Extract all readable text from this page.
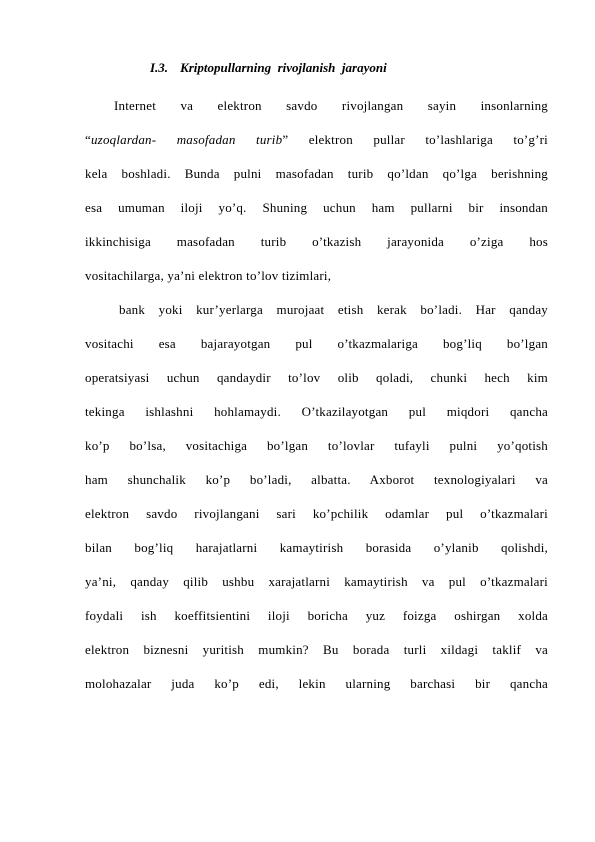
I.3. Kriptopullarning  rivojlanish  jarayoni
Internet va elektron savdo rivojlangan sayin insonlarning
“uzoqlardan- masofadan turib” elektron pullar to’lashlariga to’g’ri
kela boshladi. Bunda pulni masofadan turib qo’ldan qo’lga berishning
esa umuman iloji yo’q. Shuning uchun ham pullarni bir insondan
ikkinchisiga masofadan turib o’tkazish jarayonida o’ziga hos
vositachilarga, ya’ni elektron to’lov tizimlari,
bank yoki kur’yerlarga murojaat etish kerak bo’ladi. Har qanday
vositachi esa bajarayotgan pul o’tkazmalariga bog’liq bo’lgan
operatsiyasi uchun qandaydir to’lov olib qoladi, chunki hech kim
tekinga ishlashni hohlamaydi. O’tkazilayotgan pul miqdori qancha
ko’p bo’lsa, vositachiga bo’lgan to’lovlar tufayli pulni yo’qotish
ham shunchalik ko’p bo’ladi, albatta. Axborot texnologiyalari va
elektron savdo rivojlangani sari ko’pchilik odamlar pul o’tkazmalari
bilan bog’liq harajatlarni kamaytirish borasida o’ylanib qolishdi,
ya’ni, qanday qilib ushbu xarajatlarni kamaytirish va pul o’tkazmalari
foydali ish koeffitsientini iloji boricha yuz foizga oshirgan xolda
elektron biznesni yuritish mumkin? Bu borada turli xildagi taklif va
molohazalar juda ko’p edi, lekin ularning barchasi bir qancha
